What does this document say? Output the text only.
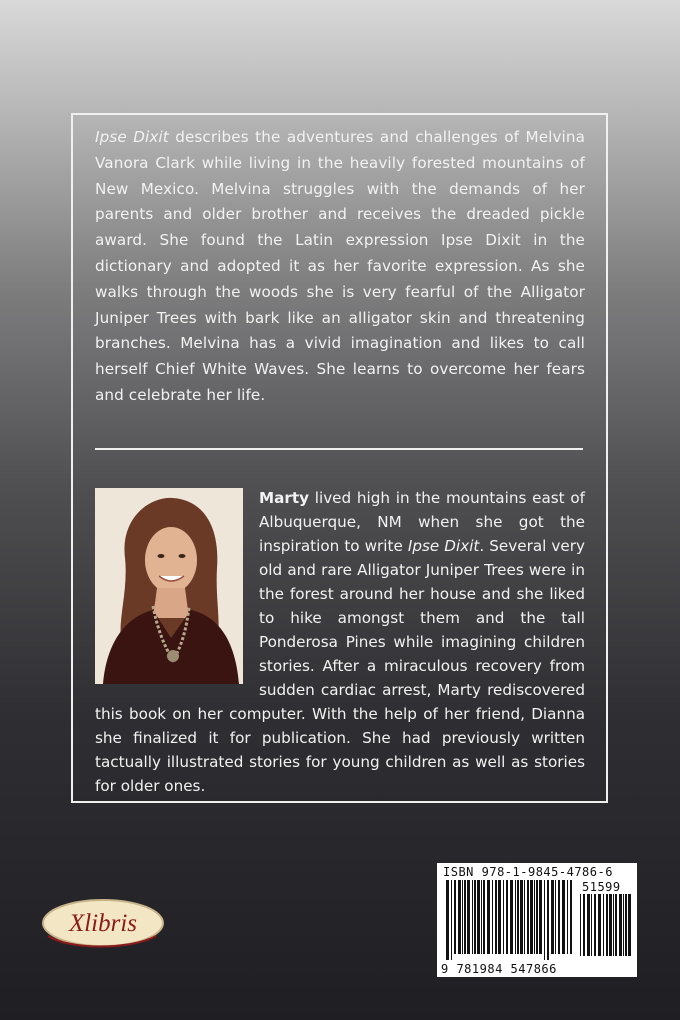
Ipse Dixit describes the adventures and challenges of Melvina Vanora Clark while living in the heavily forested mountains of New Mexico. Melvina struggles with the demands of her parents and older brother and receives the dreaded pickle award. She found the Latin expression Ipse Dixit in the dictionary and adopted it as her favorite expression. As she walks through the woods she is very fearful of the Alligator Juniper Trees with bark like an alligator skin and threatening branches. Melvina has a vivid imagination and likes to call herself Chief White Waves. She learns to overcome her fears and celebrate her life.

Marty lived high in the mountains east of Albuquerque, NM when she got the inspiration to write Ipse Dixit. Several very old and rare Alligator Juniper Trees were in the forest around her house and she liked to hike amongst them and the tall Ponderosa Pines while imagining children stories. After a miraculous recovery from sudden cardiac arrest, Marty rediscovered this book on her computer. With the help of her friend, Dianna she finalized it for publication. She had previously written tactually illustrated stories for young children as well as stories for older ones.

ISBN 978-1-9845-4786-6
51599
9 781984 547866
Xlibris
